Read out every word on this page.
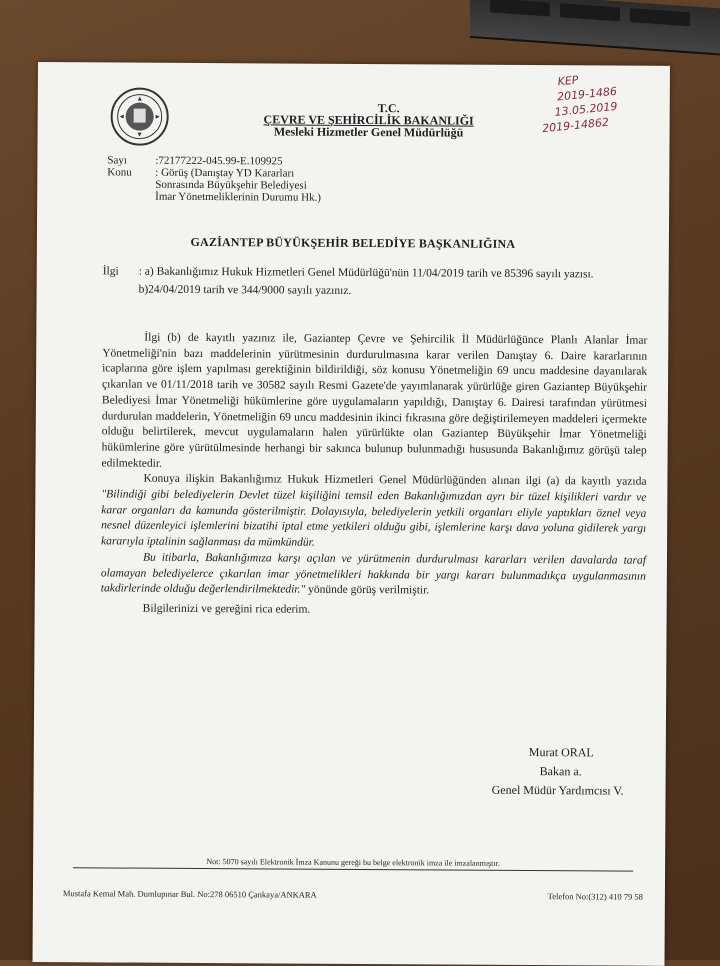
T.C.
ÇEVRE VE ŞEHİRCİLİK BAKANLIĞI
Mesleki Hizmetler Genel Müdürlüğü
KEP
2019-1486
13.05.2019
2019-14862
Sayı	:72177222-045.99-E.109925
Konu	: Görüş (Danıştay YD Kararları
Sonrasında Büyükşehir Belediyesi
İmar Yönetmeliklerinin Durumu Hk.)
GAZİANTEP BÜYÜKŞEHİR BELEDİYE BAŞKANLIĞINA
İlgi	: a) Bakanlığımız Hukuk Hizmetleri Genel Müdürlüğü'nün 11/04/2019 tarih ve 85396 sayılı yazısı.
b)24/04/2019 tarih ve 344/9000 sayılı yazınız.

İlgi (b) de kayıtlı yazınız ile, Gaziantep Çevre ve Şehircilik İl Müdürlüğünce Planlı Alanlar İmar Yönetmeliği'nin bazı maddelerinin yürütmesinin durdurulmasına karar verilen Danıştay 6. Daire kararlarının icaplarına göre işlem yapılması gerektiğinin bildirildiği, söz konusu Yönetmeliğin 69 uncu maddesine dayanılarak çıkarılan ve 01/11/2018 tarih ve 30582 sayılı Resmi Gazete'de yayımlanarak yürürlüğe giren Gaziantep Büyükşehir Belediyesi İmar Yönetmeliği hükümlerine göre uygulamaların yapıldığı, Danıştay 6. Dairesi tarafından yürütmesi durdurulan maddelerin, Yönetmeliğin 69 uncu maddesinin ikinci fıkrasına göre değiştirilemeyen maddeleri içermekte olduğu belirtilerek, mevcut uygulamaların halen yürürlükte olan Gaziantep Büyükşehir İmar Yönetmeliği hükümlerine göre yürütülmesinde herhangi bir sakınca bulunup bulunmadığı hususunda Bakanlığımız görüşü talep edilmektedir.

Konuya ilişkin Bakanlığımız Hukuk Hizmetleri Genel Müdürlüğünden alınan ilgi (a) da kayıtlı yazıda "Bilindiği gibi belediyelerin Devlet tüzel kişiliğini temsil eden Bakanlığımızdan ayrı bir tüzel kişilikleri vardır ve karar organları da kamunda gösterilmiştir. Dolayısıyla, belediyelerin yetkili organları eliyle yaptıkları öznel veya nesnel düzenleyici işlemlerini bizatihi iptal etme yetkileri olduğu gibi, işlemlerine karşı dava yoluna gidilerek yargı kararıyla iptalinin sağlanması da mümkündür.

Bu itibarla, Bakanlığımıza karşı açılan ve yürütmenin durdurulması kararları verilen davalarda taraf olamayan belediyelerce çıkarılan imar yönetmelikleri hakkında bir yargı kararı bulunmadıkça uygulanmasının takdirlerinde olduğu değerlendirilmektedir." yönünde görüş verilmiştir.

Bilgilerinizi ve gereğini rica ederim.

Murat ORAL
Bakan a.
Genel Müdür Yardımcısı V.
Not: 5070 sayılı Elektronik İmza Kanunu gereği bu belge elektronik imza ile imzalanmıştır.
Mustafa Kemal Mah. Dumlupınar Bul. No:278 06510 Çankaya/ANKARA	Telefon No:(312) 410 79 58
